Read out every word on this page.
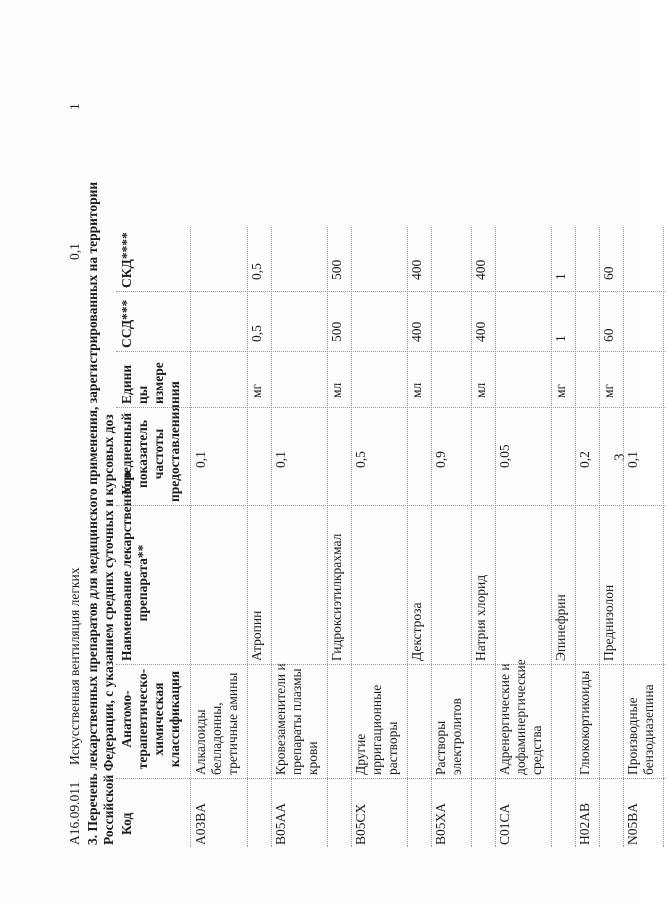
3
A16.09.011
Искусственная вентиляция легких
0,1
1
3. Перечень лекарственных препаратов для медицинского применения, зарегистрированных на территории Российской Федерации, с указанием средних суточных и курсовых доз Код
Анатомо- терапевтическо- химическая классификация
Наименование лекарственного препарата**
Усредненный показатель частоты предоставления
Едини цы измере ния
ССД***
СКД****
A03BA
Алкалоиды белладонны, третичные амины
0,1
Атропин
мг
0,5
0,5
B05AA
Кровезаменители и препараты плазмы крови
0,1
Гидроксиэтилкрахмал
мл
500
500
B05CX
Другие ирригационные растворы
0,5
Декстроза
мл
400
400
B05XA
Растворы электролитов
0,9
Натрия хлорид
мл
400
400
C01CA
Адренергические и дофаминергические средства
0,05
Эпинефрин
мг
1
1
H02AB
Глюкокортикоиды
0,2
Преднизолон
мг
60
60
N05BA
Производные бензодиазепина
0,1
